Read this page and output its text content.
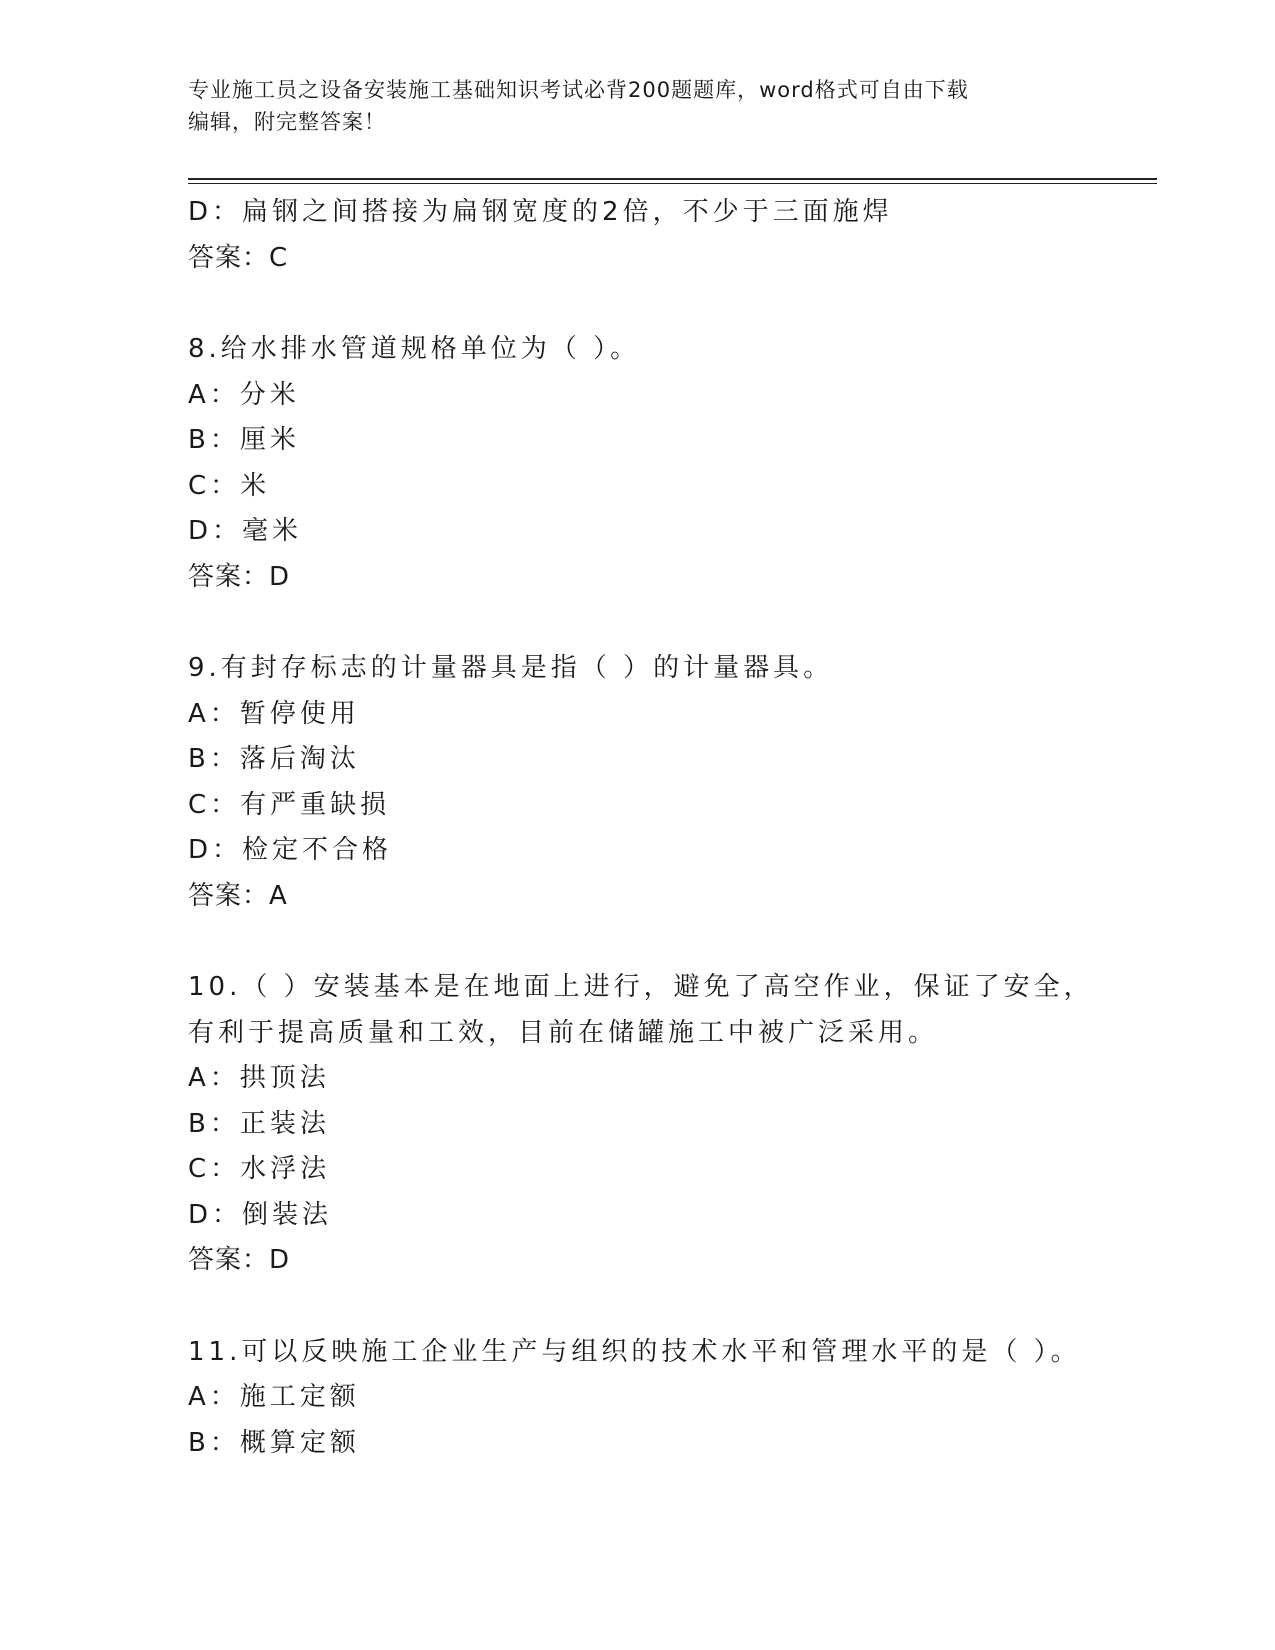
专业施工员之设备安装施工基础知识考试必背200题题库，word格式可自由下载
编辑，附完整答案！
D：扁钢之间搭接为扁钢宽度的2倍，不少于三面施焊
答案：C
8.给水排水管道规格单位为（ ）。
A：分米
B：厘米
C：米
D：毫米
答案：D
9.有封存标志的计量器具是指（ ）的计量器具。
A：暂停使用
B：落后淘汰
C：有严重缺损
D：检定不合格
答案：A
10.（ ）安装基本是在地面上进行，避免了高空作业，保证了安全，
有利于提高质量和工效，目前在储罐施工中被广泛采用。
A：拱顶法
B：正装法
C：水浮法
D：倒装法
答案：D
11.可以反映施工企业生产与组织的技术水平和管理水平的是（ ）。
A：施工定额
B：概算定额
